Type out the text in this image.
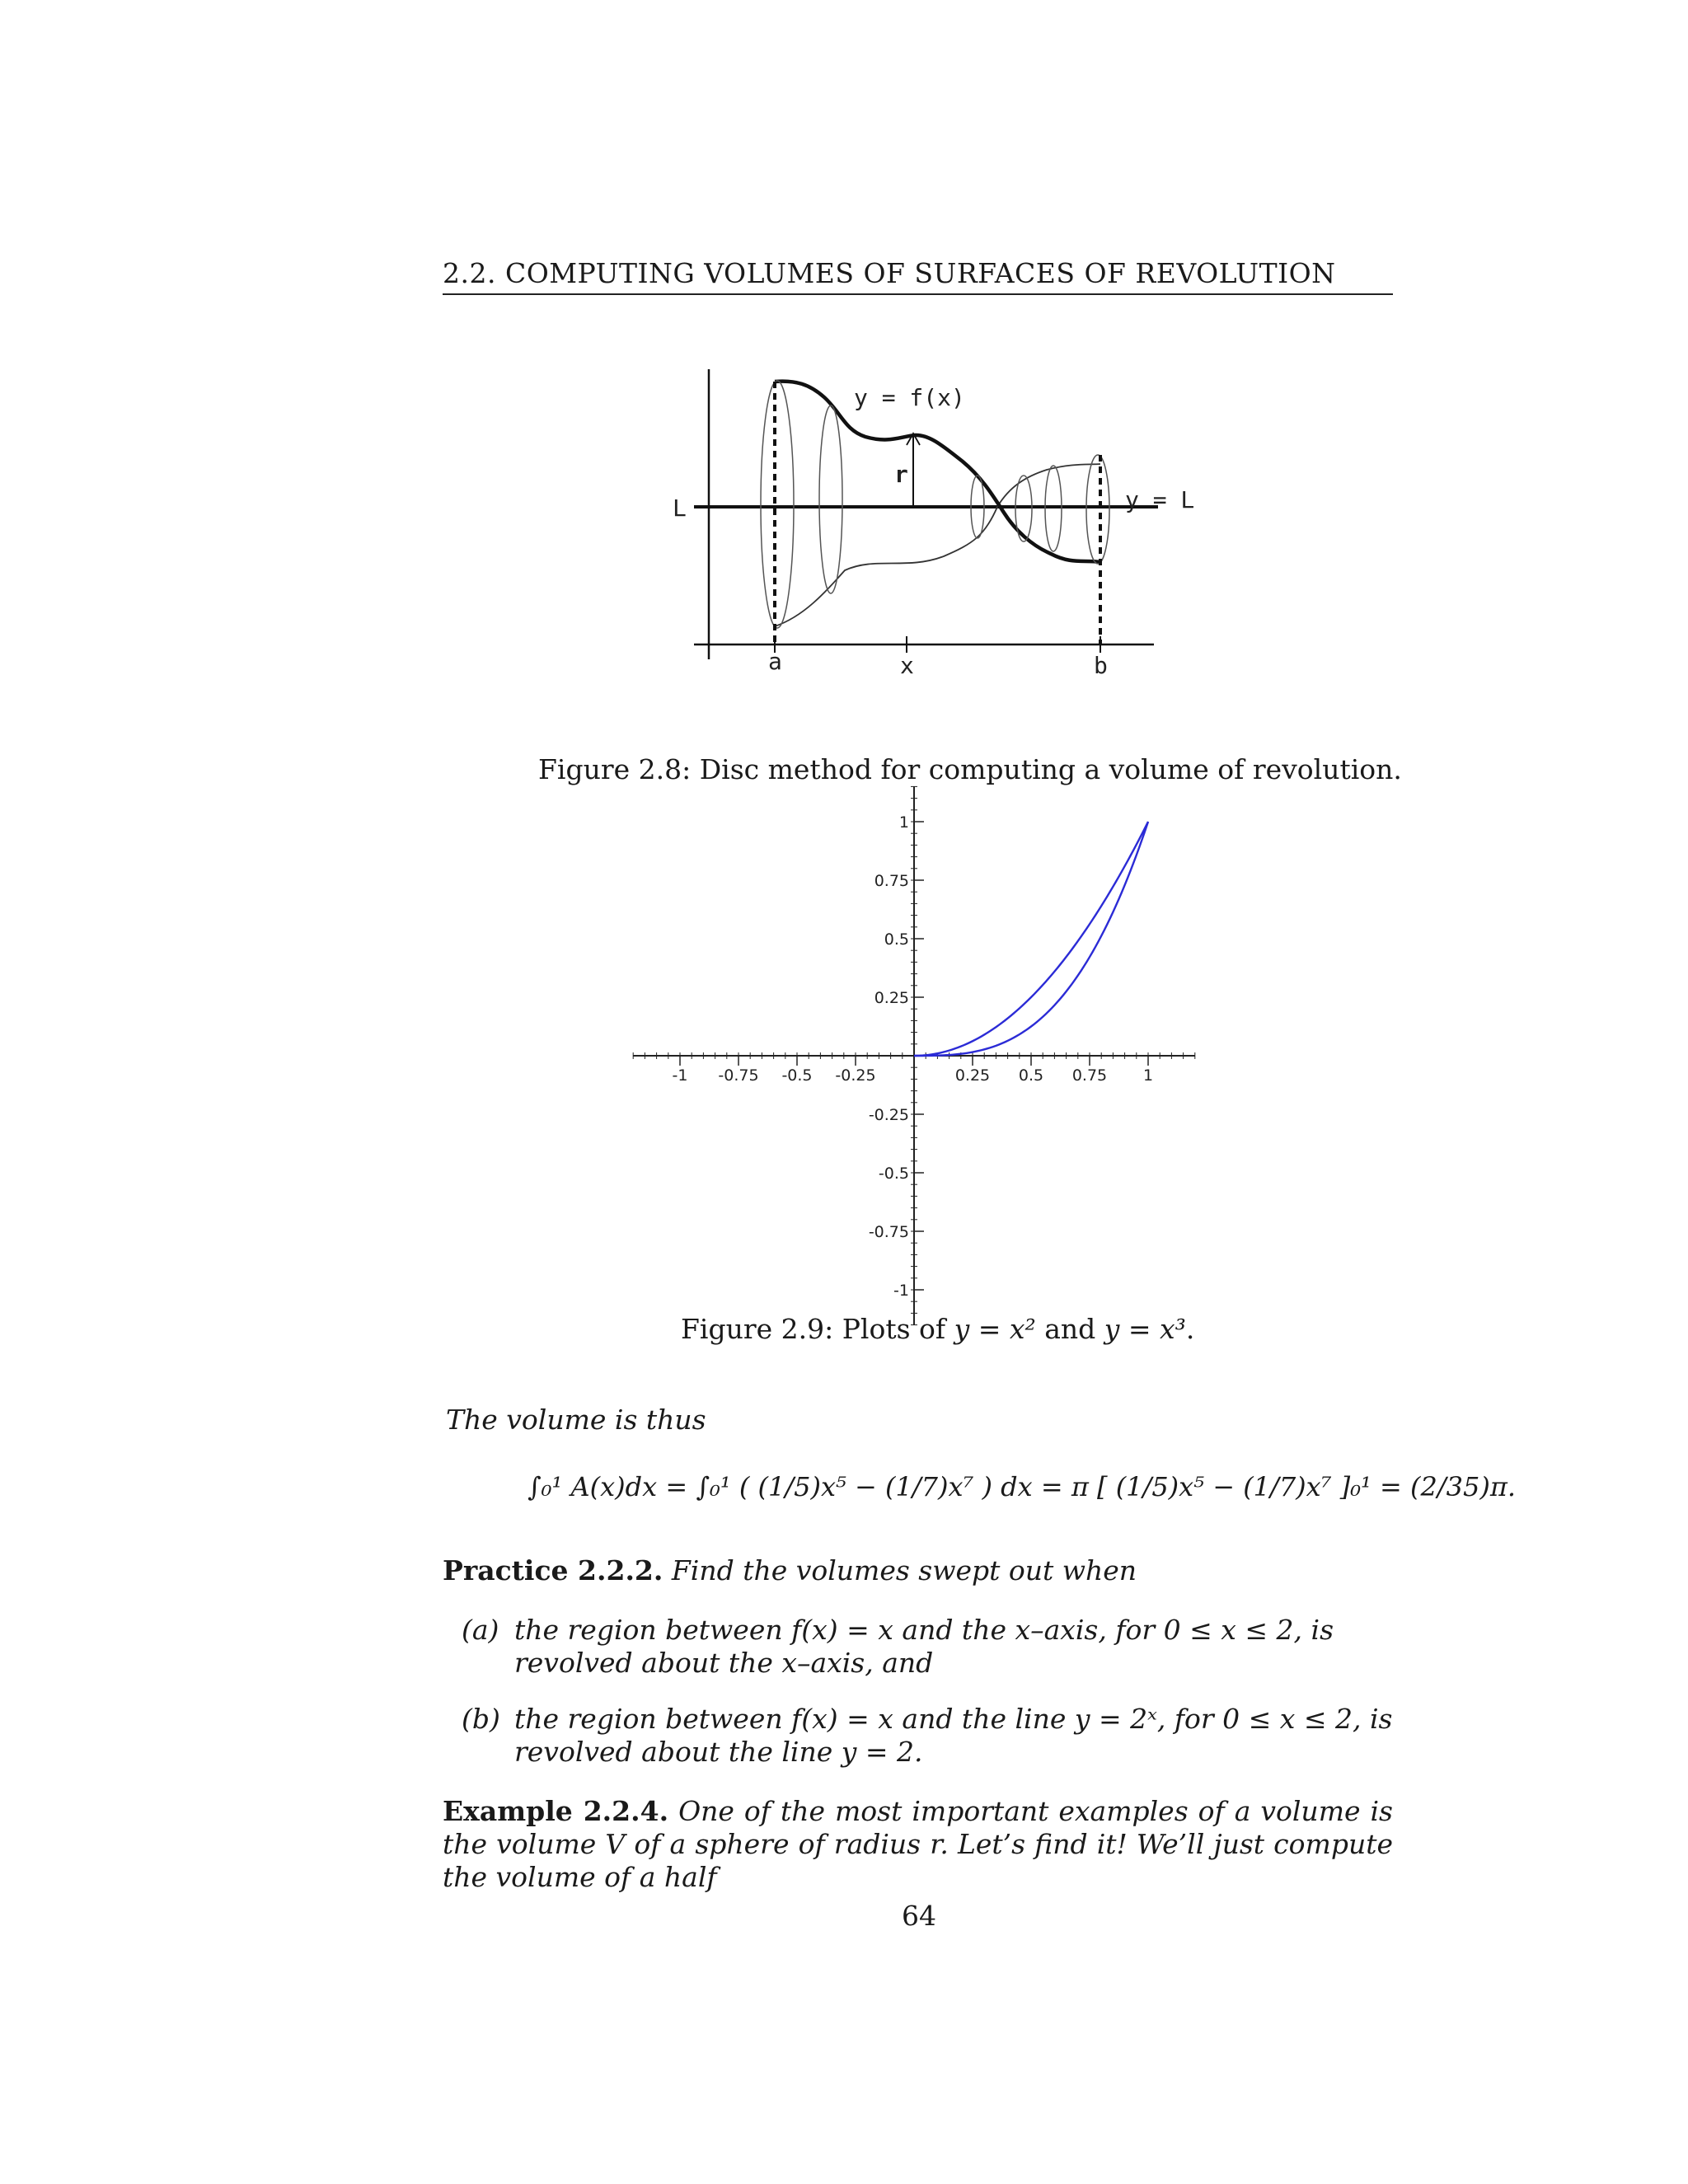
2.2. COMPUTING VOLUMES OF SURFACES OF REVOLUTION
y = f(x)
r
y = L
L
a	x	b
Figure 2.8: Disc method for computing a volume of revolution.
-1 -0.75 -0.5 -0.25	0.25 0.5 0.75 1
1
0.75
0.5
0.25
-0.25
-0.5
-0.75
-1
Figure 2.9: Plots of y = x² and y = x³.
The volume is thus
∫₀¹ A(x)dx = ∫₀¹ ( (1/5)x⁵ − (1/7)x⁷ ) dx = π [ (1/5)x⁵ − (1/7)x⁷ ]₀¹ = (2/35)π.
Practice 2.2.2. Find the volumes swept out when
(a) the region between f(x) = x and the x–axis, for 0 ≤ x ≤ 2, is revolved about the x–axis, and
(b) the region between f(x) = x and the line y = 2ˣ, for 0 ≤ x ≤ 2, is revolved about the line y = 2.
Example 2.2.4. One of the most important examples of a volume is the volume V of a sphere of radius r. Let’s find it! We’ll just compute the volume of a half
64
